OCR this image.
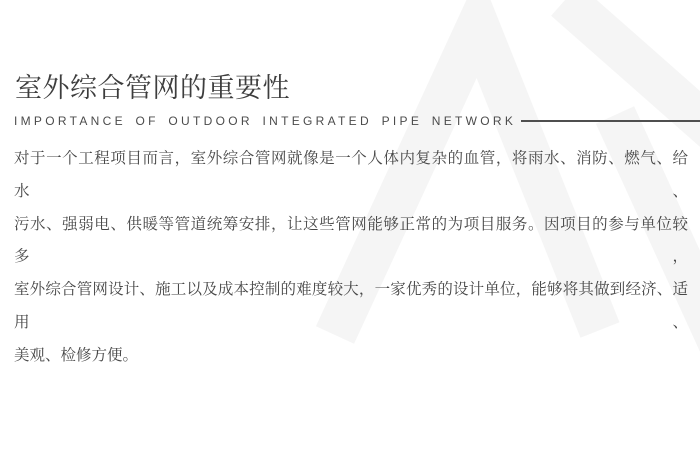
室外综合管网的重要性
IMPORTANCE OF OUTDOOR INTEGRATED PIPE NETWORK

对于一个工程项目而言，室外综合管网就像是一个人体内复杂的血管，将雨水、消防、燃气、给水、

污水、强弱电、供暖等管道统筹安排，让这些管网能够正常的为项目服务。因项目的参与单位较多，

室外综合管网设计、施工以及成本控制的难度较大，一家优秀的设计单位，能够将其做到经济、适用、

美观、检修方便。
